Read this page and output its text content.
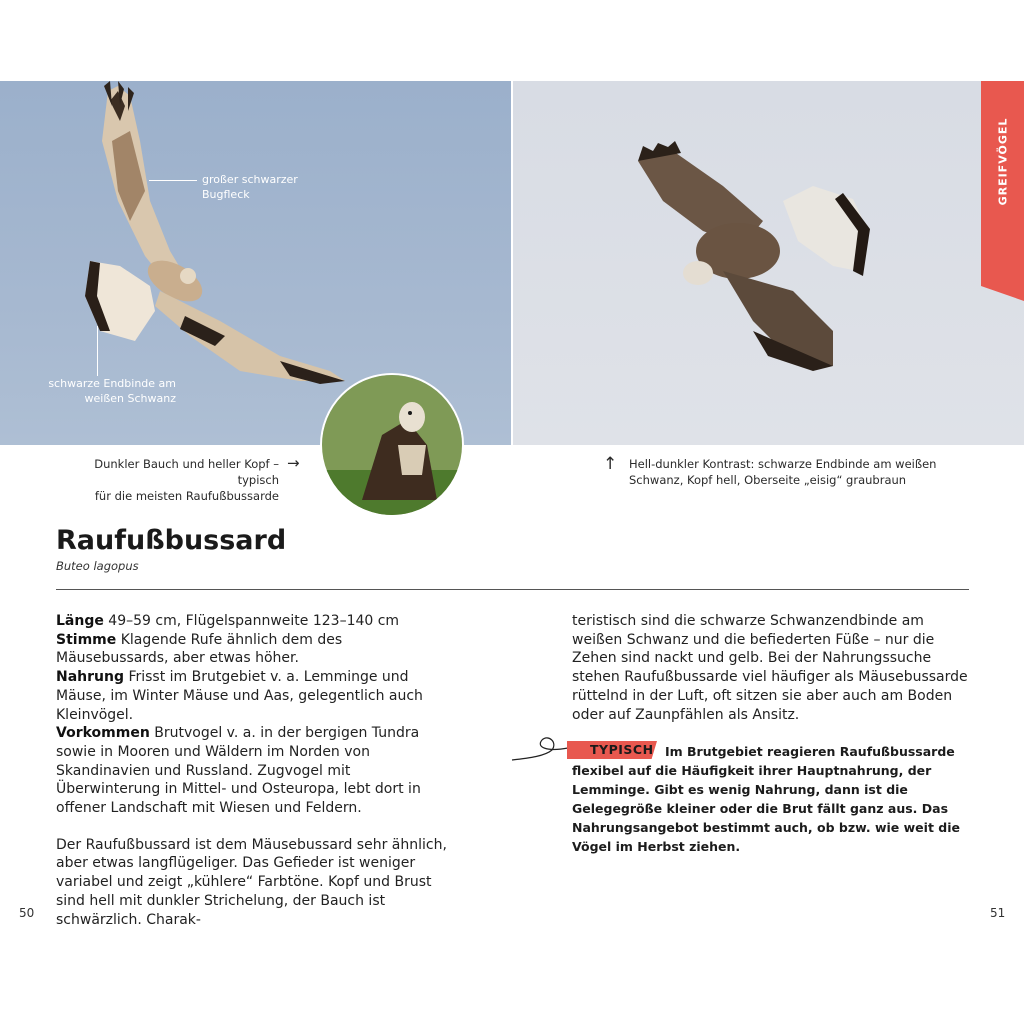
großer schwarzer
Bugfleck
schwarze Endbinde am
weißen Schwanz
GREIFVÖGEL
Dunkler Bauch und heller Kopf – typisch
für die meisten Raufußbussarde
→	↑ Hell-dunkler Kontrast: schwarze Endbinde am weißen
Schwanz, Kopf hell, Oberseite „eisig“ graubraun
Raufußbussard
Buteo lagopus

Länge 49–59 cm, Flügelspannweite 123–140 cm

Stimme Klagende Rufe ähnlich dem des Mäusebussards, aber etwas höher.

Nahrung Frisst im Brutgebiet v. a. Lemminge und Mäuse, im Winter Mäuse und Aas, gelegentlich auch Kleinvögel.

Vorkommen Brutvogel v. a. in der bergigen Tundra sowie in Mooren und Wäldern im Norden von Skandinavien und Russland. Zugvogel mit Überwinterung in Mittel- und Osteuropa, lebt dort in offener Landschaft mit Wiesen und Feldern.

Der Raufußbussard ist dem Mäusebussard sehr ähnlich, aber etwas langflügeliger. Das Gefieder ist weniger variabel und zeigt „kühlere“ Farbtöne. Kopf und Brust sind hell mit dunkler Strichelung, der Bauch ist schwärzlich. Charak-

teristisch sind die schwarze Schwanzendbinde am weißen Schwanz und die befiederten Füße – nur die Zehen sind nackt und gelb. Bei der Nahrungssuche stehen Raufußbussarde viel häufiger als Mäusebussarde rüttelnd in der Luft, oft sitzen sie aber auch am Boden oder auf Zaunpfählen als Ansitz.

TYPISCH Im Brutgebiet reagieren Raufußbussarde flexibel auf die Häufigkeit ihrer Hauptnahrung, der Lemminge. Gibt es wenig Nahrung, dann ist die Gelegegröße kleiner oder die Brut fällt ganz aus. Das Nahrungsangebot bestimmt auch, ob bzw. wie weit die Vögel im Herbst ziehen.
50	51
